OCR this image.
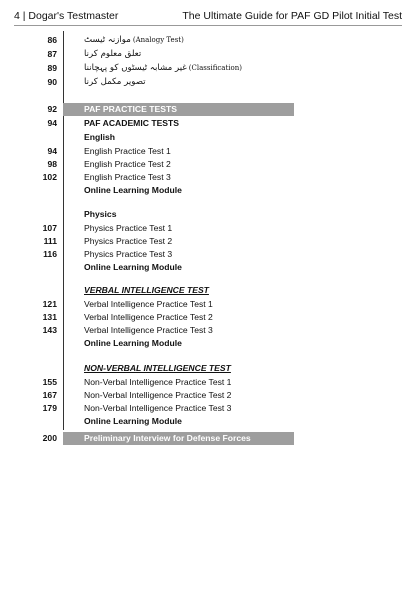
4 | Dogar's Testmaster	The Ultimate Guide for PAF GD Pilot Initial Test
86	موازنہ ٹیسٹ (Analogy Test)
87	تعلق معلوم کرنا
89	غیر مشابہ ٹیسٹوں کو پہچاننا (Classification)
90	تصویر مکمل کرنا
92	PAF PRACTICE TESTS
94	PAF ACADEMIC TESTS
English
94	English Practice Test 1
98	English Practice Test 2
102	English Practice Test 3
Online Learning Module
Physics
107	Physics Practice Test 1
111	Physics Practice Test 2
116	Physics Practice Test 3
Online Learning Module
VERBAL INTELLIGENCE TEST
121	Verbal Intelligence Practice Test 1
131	Verbal Intelligence Practice Test 2
143	Verbal Intelligence Practice Test 3
Online Learning Module
NON-VERBAL INTELLIGENCE TEST
155	Non-Verbal Intelligence Practice Test 1
167	Non-Verbal Intelligence Practice Test 2
179	Non-Verbal Intelligence Practice Test 3
Online Learning Module
200	Preliminary Interview for Defense Forces
